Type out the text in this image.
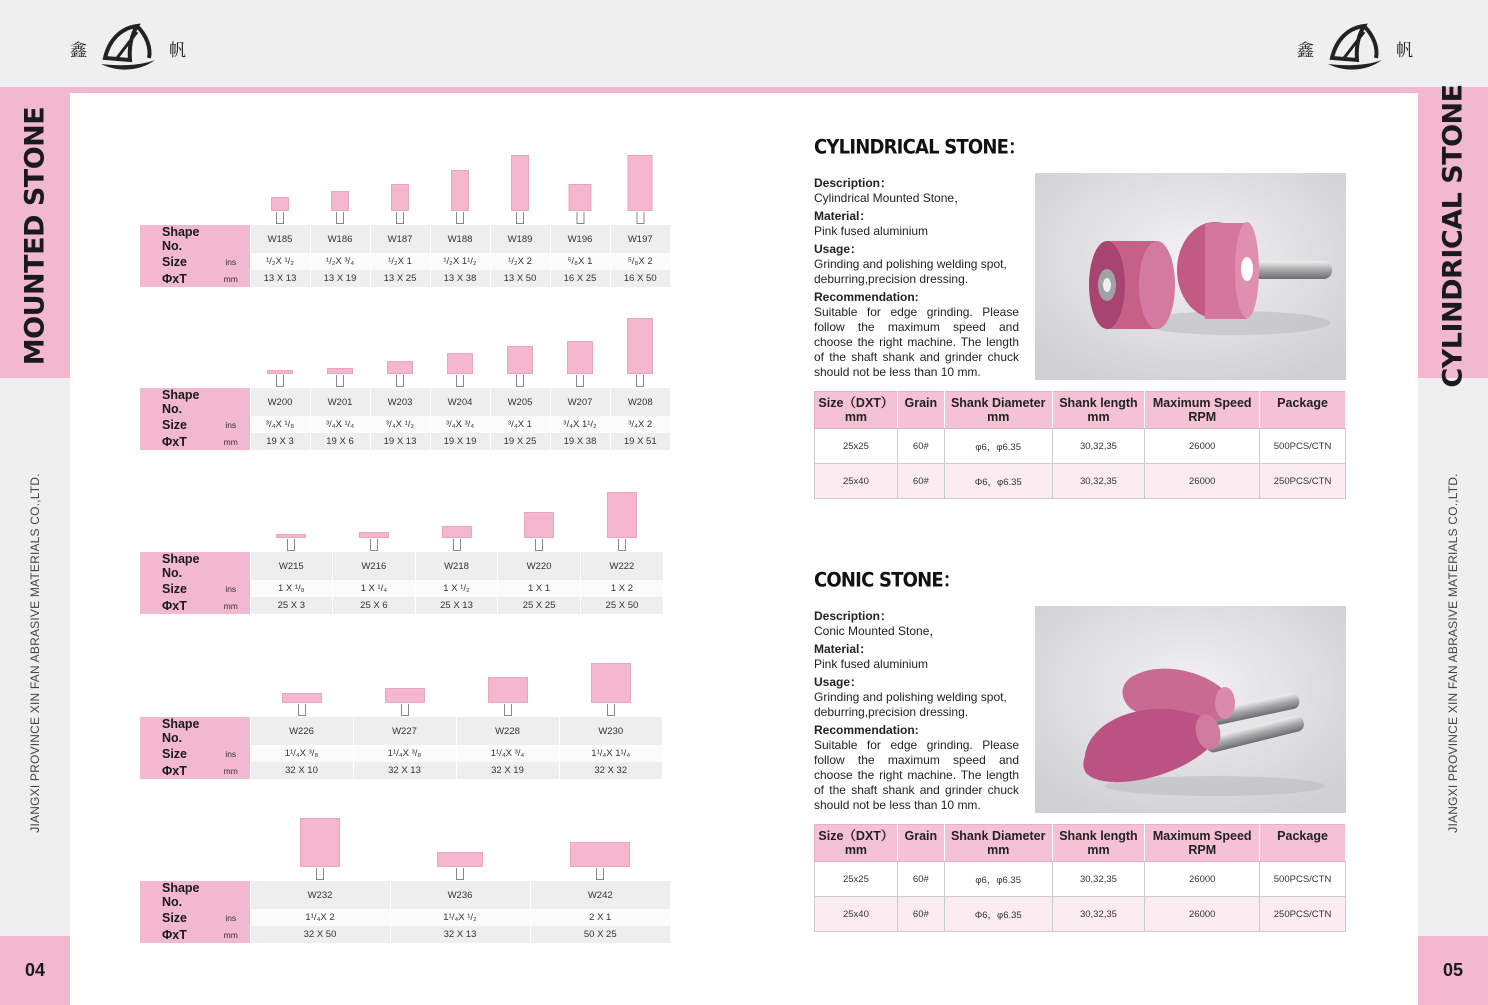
鑫	帆	鑫	帆
MOUNTED STONE
JIANGXI PROVINCE XIN FAN ABRASIVE MATERIALS CO.,LTD.
04
CYLINDRICAL STONE
JIANGXI PROVINCE XIN FAN ABRASIVE MATERIALS CO.,LTD.
05
Shape No.		W185	W186	W187	W188	W189	W196	W197
Size	ins	¹/₂X ¹/₂	¹/₂X ³/₄	¹/₂X 1	¹/₂X 1¹/₂	¹/₂X 2	⁵/₈X 1	⁵/₈X 2
ΦxT	mm	13 X 13	13 X 19	13 X 25	13 X 38	13 X 50	16 X 25	16 X 50
Shape No.		W200	W201	W203	W204	W205	W207	W208
Size	ins	³/₄X ¹/₈	³/₄X ¹/₄	³/₄X ¹/₂	³/₄X ³/₄	³/₄X 1	³/₄X 1¹/₂	³/₄X 2
ΦxT	mm	19 X 3	19 X 6	19 X 13	19 X 19	19 X 25	19 X 38	19 X 51
Shape No.		W215	W216	W218	W220	W222
Size	ins	1 X ¹/₈	1 X ¹/₄	1 X ¹/₂	1 X 1	1 X 2
ΦxT	mm	25 X 3	25 X 6	25 X 13	25 X 25	25 X 50
Shape No.		W226	W227	W228	W230
Size	ins	1¹/₄X ³/₈	1¹/₄X ³/₈	1¹/₄X ³/₄	1¹/₄X 1¹/₄
ΦxT	mm	32 X 10	32 X 13	32 X 19	32 X 32
Shape No.		W232	W236	W242
Size	ins	1¹/₄X 2	1¹/₄X ¹/₂	2 X 1
ΦxT	mm	32 X 50	32 X 13	50 X 25
CYLINDRICAL STONE：
Description：

Cylindrical Mounted Stone，

Material：

Pink fused aluminium

Usage：

Grinding and polishing welding spot, deburring,precision dressing.

Recommendation:

Suitable for edge grinding. Please follow the maximum speed and choose the right machine. The length of the shaft shank and grinder chuck should not be less than 10 mm.

Size（DXT）mm	Grain	Shank Diameter mm	Shank length mm	Maximum Speed RPM	Package
25x25	60#	φ6，φ6.35	30,32,35	26000	500PCS/CTN
25x40	60#	Φ6，φ6.35	30,32,35	26000	250PCS/CTN
CONIC STONE：
Description：

Conic Mounted Stone，

Material：

Pink fused aluminium

Usage：

Grinding and polishing welding spot, deburring,precision dressing.

Recommendation:

Suitable for edge grinding. Please follow the maximum speed and choose the right machine. The length of the shaft shank and grinder chuck should not be less than 10 mm.

Size（DXT）mm	Grain	Shank Diameter mm	Shank length mm	Maximum Speed RPM	Package
25x25	60#	φ6，φ6.35	30,32,35	26000	500PCS/CTN
25x40	60#	Φ6，φ6.35	30,32,35	26000	250PCS/CTN
